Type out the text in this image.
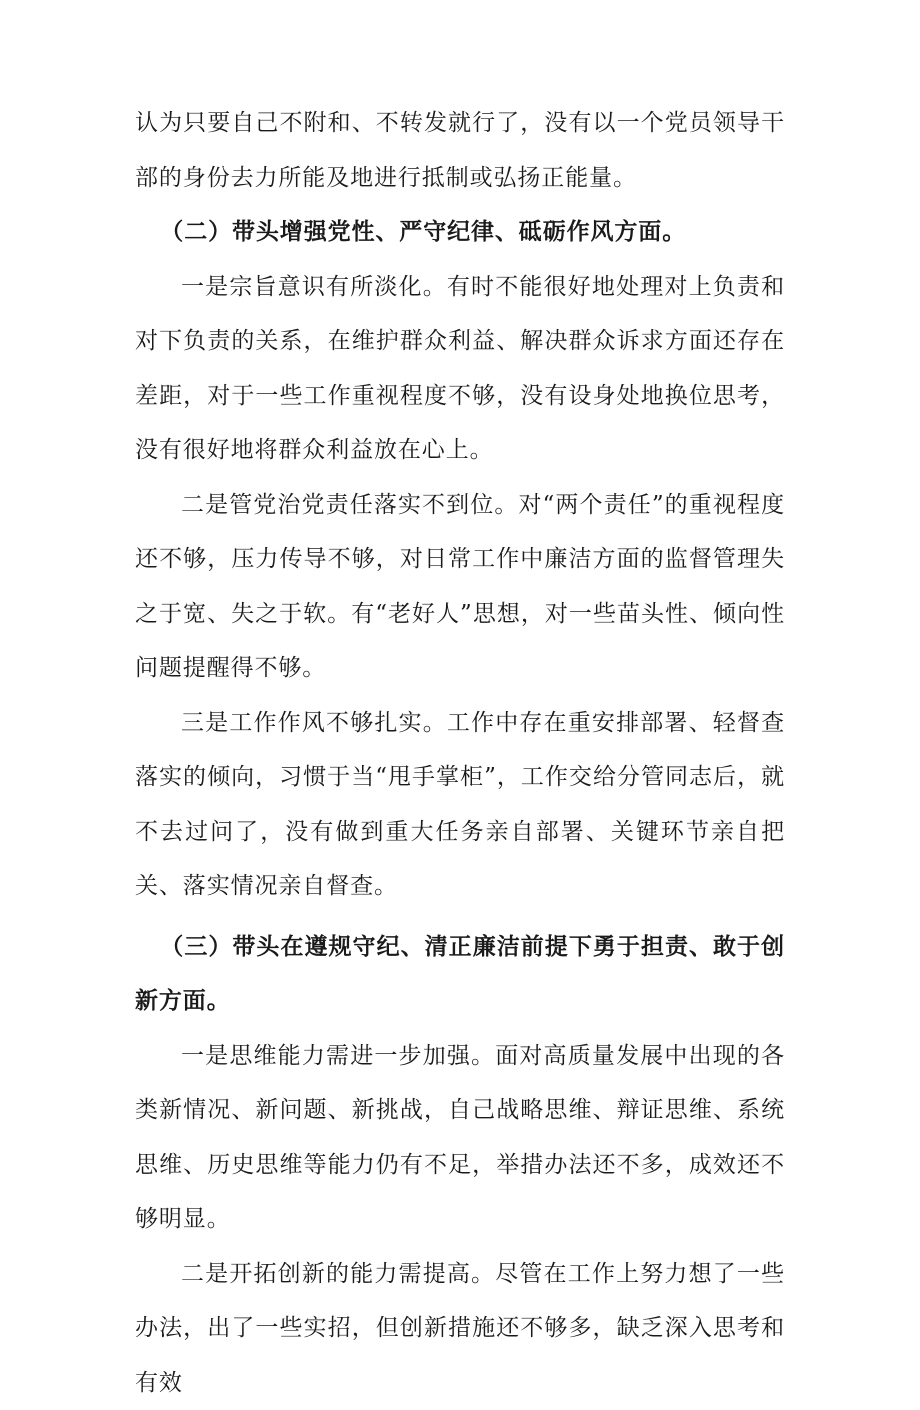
认为只要自己不附和、不转发就行了，没有以一个党员领导干部的身份去力所能及地进行抵制或弘扬正能量。

（二）带头增强党性、严守纪律、砥砺作风方面。

一是宗旨意识有所淡化。有时不能很好地处理对上负责和对下负责的关系，在维护群众利益、解决群众诉求方面还存在差距，对于一些工作重视程度不够，没有设身处地换位思考，没有很好地将群众利益放在心上。

二是管党治党责任落实不到位。对“两个责任”的重视程度还不够，压力传导不够，对日常工作中廉洁方面的监督管理失之于宽、失之于软。有“老好人”思想，对一些苗头性、倾向性问题提醒得不够。

三是工作作风不够扎实。工作中存在重安排部署、轻督查落实的倾向，习惯于当“甩手掌柜”，工作交给分管同志后，就不去过问了，没有做到重大任务亲自部署、关键环节亲自把关、落实情况亲自督查。

（三）带头在遵规守纪、清正廉洁前提下勇于担责、敢于创新方面。

一是思维能力需进一步加强。面对高质量发展中出现的各类新情况、新问题、新挑战，自己战略思维、辩证思维、系统思维、历史思维等能力仍有不足，举措办法还不多，成效还不够明显。

二是开拓创新的能力需提高。尽管在工作上努力想了一些办法，出了一些实招，但创新措施还不够多，缺乏深入思考和有效
